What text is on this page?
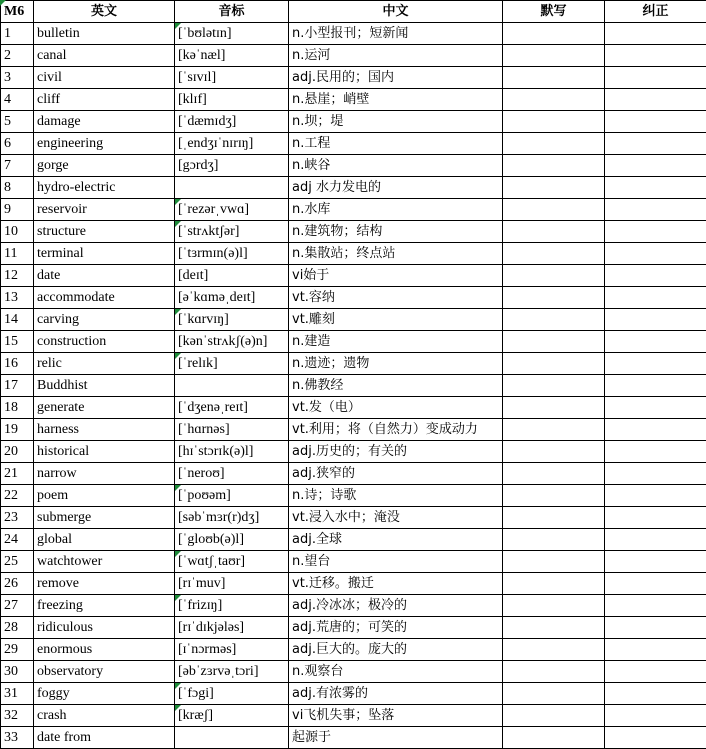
M6	英文	音标	中文	默写	纠正
1	bulletin	[ˈbʊlətɪn]	n.小型报刊；短新闻		
2	canal	[kəˈnæl]	n.运河		
3	civil	[ˈsɪvɪl]	adj.民用的；国内		
4	cliff	[klɪf]	n.悬崖；峭壁		
5	damage	[ˈdæmɪdʒ]	n.坝；堤		
6	engineering	[ˌendʒɪˈnɪrɪŋ]	n.工程		
7	gorge	[gɔrdʒ]	n.峡谷		
8	hydro-electric		adj 水力发电的		
9	reservoir	[ˈrezərˌvwɑ]	n.水库		
10	structure	[ˈstrʌktʃər]	n.建筑物；结构		
11	terminal	[ˈtɜrmɪn(ə)l]	n.集散站；终点站		
12	date	[deɪt]	vi始于		
13	accommodate	[əˈkɑməˌdeɪt]	vt.容纳		
14	carving	[ˈkɑrvɪŋ]	vt.雕刻		
15	construction	[kənˈstrʌkʃ(ə)n]	n.建造		
16	relic	[ˈrelɪk]	n.遗迹；遗物		
17	Buddhist		n.佛教经		
18	generate	[ˈdʒenəˌreɪt]	vt.发（电）		
19	harness	[ˈhɑrnəs]	vt.利用；将（自然力）变成动力		
20	historical	[hɪˈstɔrɪk(ə)l]	adj.历史的；有关的		
21	narrow	[ˈneroʊ]	adj.狭窄的		
22	poem	[ˈpoʊəm]	n.诗；诗歌		
23	submerge	[səbˈmɜr(r)dʒ]	vt.浸入水中；淹没		
24	global	[ˈgloʊb(ə)l]	adj.全球		
25	watchtower	[ˈwɑtʃˌtaʊr]	n.望台		
26	remove	[rɪˈmuv]	vt.迁移。搬迁		
27	freezing	[ˈfrizɪŋ]	adj.冷冰冰；极冷的		
28	ridiculous	[rɪˈdɪkjələs]	adj.荒唐的；可笑的		
29	enormous	[ɪˈnɔrməs]	adj.巨大的。庞大的		
30	observatory	[əbˈzɜrvəˌtɔri]	n.观察台		
31	foggy	[ˈfɔgi]	adj.有浓雾的		
32	crash	[kræʃ]	vi飞机失事；坠落		
33	date from		起源于		
